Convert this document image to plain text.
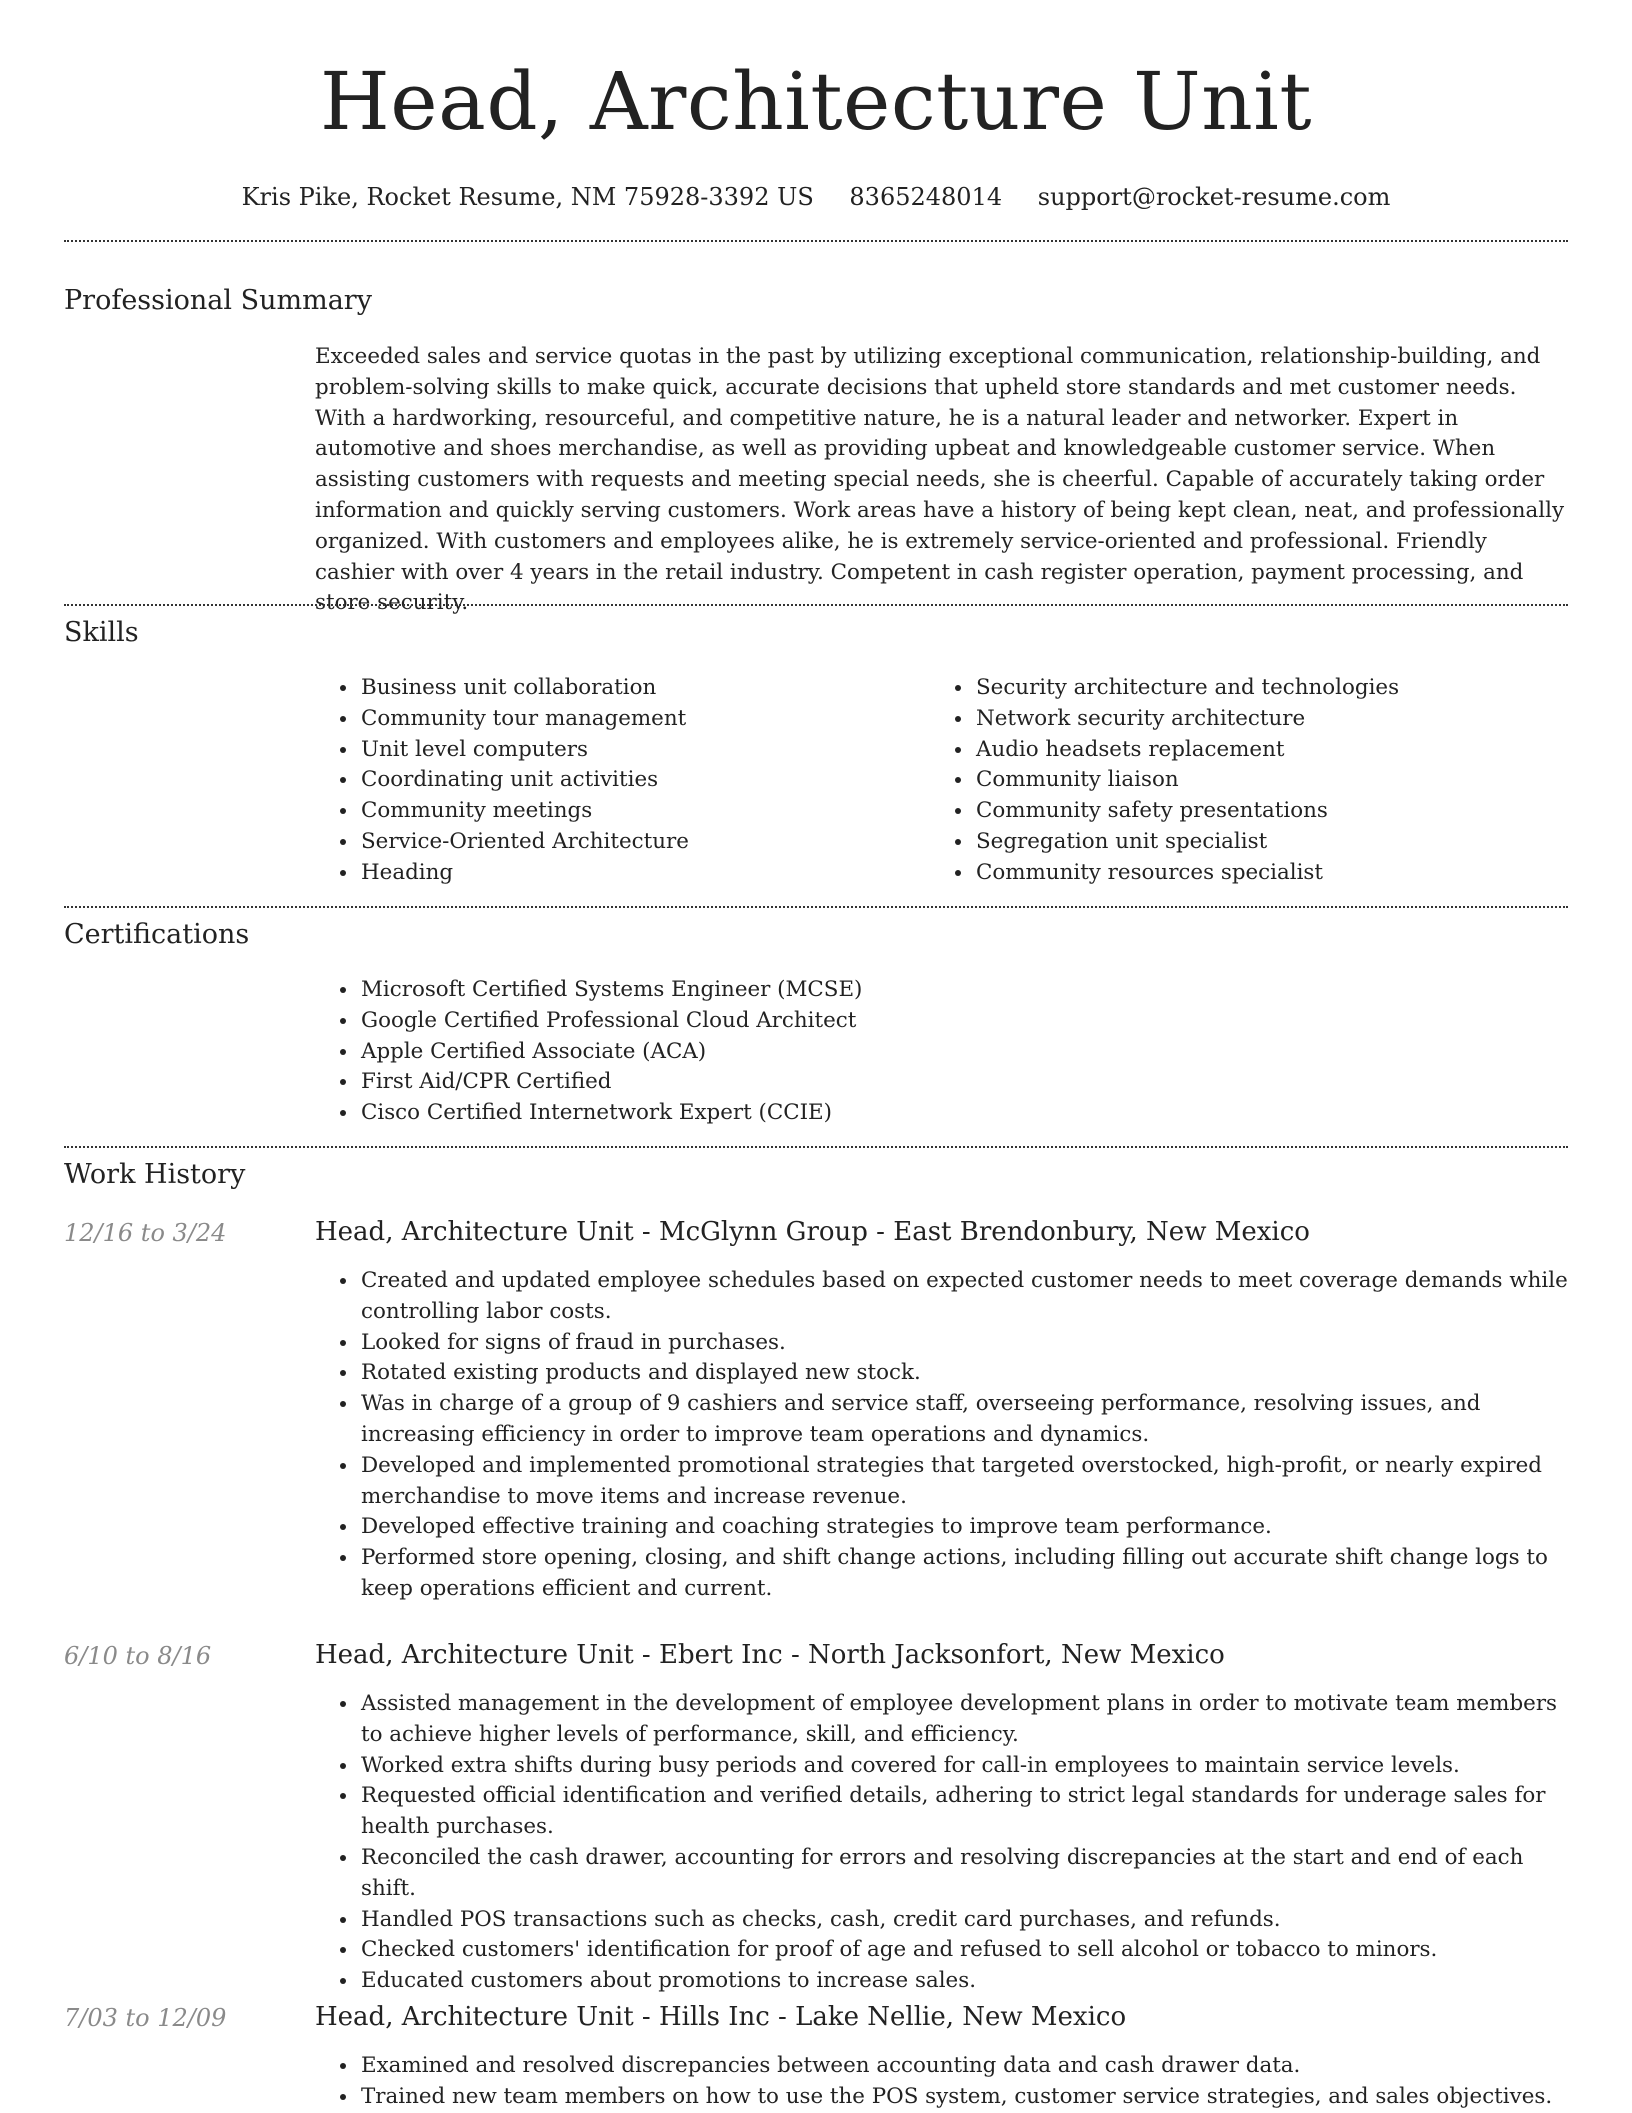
Head, Architecture Unit
Kris Pike, Rocket Resume, NM 75928-3392 US 8365248014 support@rocket-resume.com
Professional Summary

Exceeded sales and service quotas in the past by utilizing exceptional communication, relationship-building, and problem-solving skills to make quick, accurate decisions that upheld store standards and met customer needs. With a hardworking, resourceful, and competitive nature, he is a natural leader and networker. Expert in automotive and shoes merchandise, as well as providing upbeat and knowledgeable customer service. When assisting customers with requests and meeting special needs, she is cheerful. Capable of accurately taking order information and quickly serving customers. Work areas have a history of being kept clean, neat, and professionally organized. With customers and employees alike, he is extremely service-oriented and professional. Friendly cashier with over 4 years in the retail industry. Competent in cash register operation, payment processing, and store security.

Skills
• Business unit collaboration
• Community tour management
• Unit level computers
• Coordinating unit activities
• Community meetings
• Service-Oriented Architecture
• Heading
• Security architecture and technologies
• Network security architecture
• Audio headsets replacement
• Community liaison
• Community safety presentations
• Segregation unit specialist
• Community resources specialist
Certifications
• Microsoft Certified Systems Engineer (MCSE)
• Google Certified Professional Cloud Architect
• Apple Certified Associate (ACA)
• First Aid/CPR Certified
• Cisco Certified Internetwork Expert (CCIE)
Work History
12/16 to 3/24	Head, Architecture Unit - McGlynn Group - East Brendonbury, New Mexico
• Created and updated employee schedules based on expected customer needs to meet coverage demands while controlling labor costs.
• Looked for signs of fraud in purchases.
• Rotated existing products and displayed new stock.
• Was in charge of a group of 9 cashiers and service staff, overseeing performance, resolving issues, and increasing efficiency in order to improve team operations and dynamics.
• Developed and implemented promotional strategies that targeted overstocked, high-profit, or nearly expired merchandise to move items and increase revenue.
• Developed effective training and coaching strategies to improve team performance.
• Performed store opening, closing, and shift change actions, including filling out accurate shift change logs to keep operations efficient and current.
6/10 to 8/16	Head, Architecture Unit - Ebert Inc - North Jacksonfort, New Mexico
• Assisted management in the development of employee development plans in order to motivate team members to achieve higher levels of performance, skill, and efficiency.
• Worked extra shifts during busy periods and covered for call-in employees to maintain service levels.
• Requested official identification and verified details, adhering to strict legal standards for underage sales for health purchases.
• Reconciled the cash drawer, accounting for errors and resolving discrepancies at the start and end of each shift.
• Handled POS transactions such as checks, cash, credit card purchases, and refunds.
• Checked customers' identification for proof of age and refused to sell alcohol or tobacco to minors.
• Educated customers about promotions to increase sales.
7/03 to 12/09	Head, Architecture Unit - Hills Inc - Lake Nellie, New Mexico
• Examined and resolved discrepancies between accounting data and cash drawer data.
• Trained new team members on how to use the POS system, customer service strategies, and sales objectives.
